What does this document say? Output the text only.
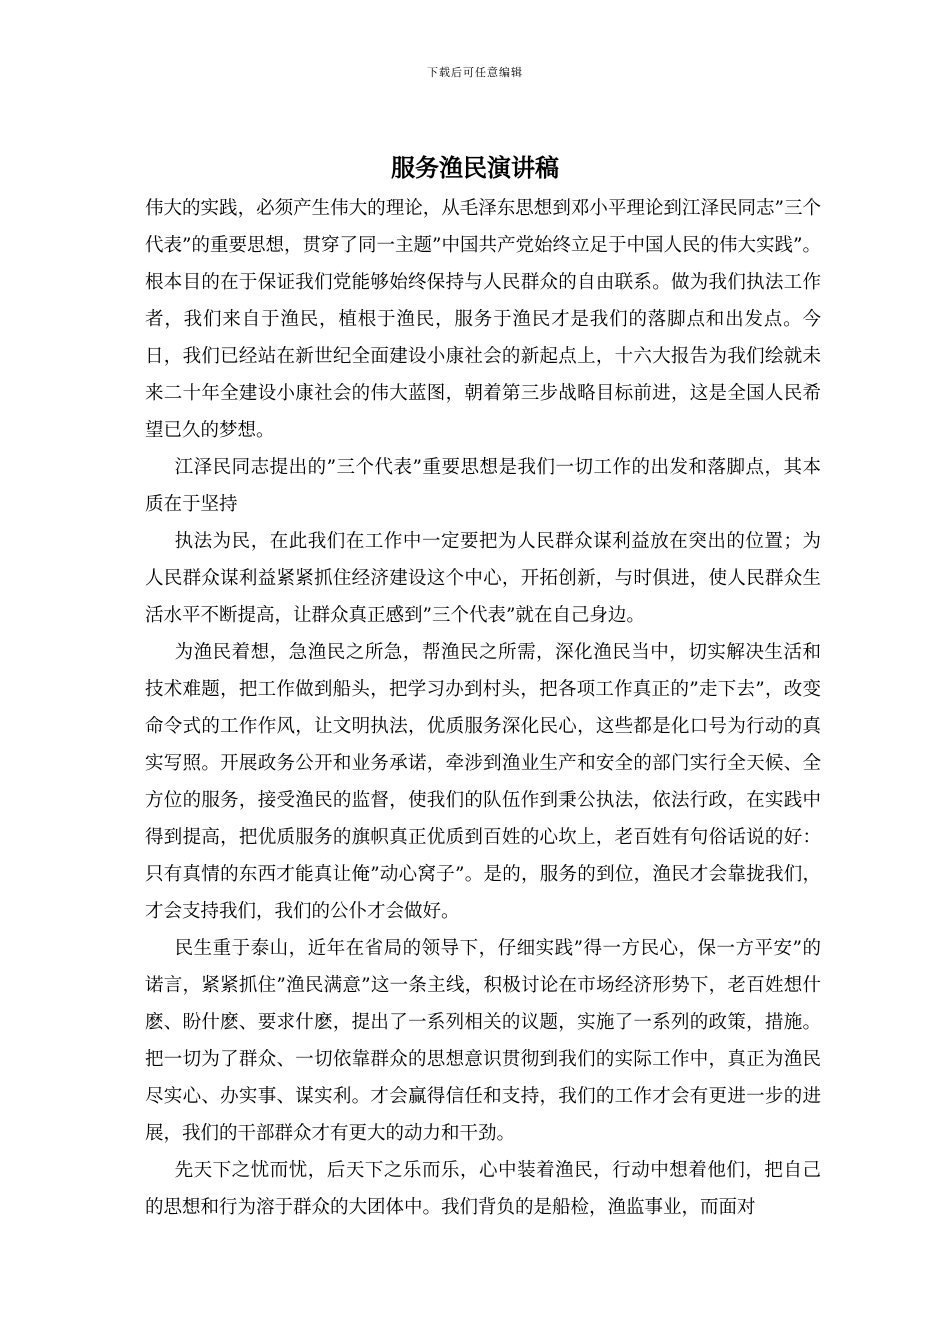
下载后可任意编辑
服务渔民演讲稿

伟大的实践，必须产生伟大的理论，从毛泽东思想到邓小平理论到江泽民同志”三个代表”的重要思想，贯穿了同一主题”中国共产党始终立足于中国人民的伟大实践”。根本目的在于保证我们党能够始终保持与人民群众的自由联系。做为我们执法工作者，我们来自于渔民，植根于渔民，服务于渔民才是我们的落脚点和出发点。今日，我们已经站在新世纪全面建设小康社会的新起点上，十六大报告为我们绘就未来二十年全建设小康社会的伟大蓝图，朝着第三步战略目标前进，这是全国人民希望已久的梦想。

江泽民同志提出的”三个代表”重要思想是我们一切工作的出发和落脚点，其本质在于坚持

执法为民，在此我们在工作中一定要把为人民群众谋利益放在突出的位置；为人民群众谋利益紧紧抓住经济建设这个中心，开拓创新，与时俱进，使人民群众生活水平不断提高，让群众真正感到”三个代表”就在自己身边。

为渔民着想，急渔民之所急，帮渔民之所需，深化渔民当中，切实解决生活和技术难题，把工作做到船头，把学习办到村头，把各项工作真正的”走下去”，改变命令式的工作作风，让文明执法，优质服务深化民心，这些都是化口号为行动的真实写照。开展政务公开和业务承诺，牵涉到渔业生产和安全的部门实行全天候、全方位的服务，接受渔民的监督，使我们的队伍作到秉公执法，依法行政，在实践中得到提高，把优质服务的旗帜真正优质到百姓的心坎上，老百姓有句俗话说的好：只有真情的东西才能真让俺”动心窝子”。是的，服务的到位，渔民才会靠拢我们，才会支持我们，我们的公仆才会做好。

民生重于泰山，近年在省局的领导下，仔细实践”得一方民心，保一方平安”的诺言，紧紧抓住”渔民满意”这一条主线，积极讨论在市场经济形势下，老百姓想什麽、盼什麽、要求什麽，提出了一系列相关的议题，实施了一系列的政策，措施。把一切为了群众、一切依靠群众的思想意识贯彻到我们的实际工作中，真正为渔民尽实心、办实事、谋实利。才会赢得信任和支持，我们的工作才会有更进一步的进展，我们的干部群众才有更大的动力和干劲。

先天下之忧而忧，后天下之乐而乐，心中装着渔民，行动中想着他们，把自己的思想和行为溶于群众的大团体中。我们背负的是船检，渔监事业，而面对
